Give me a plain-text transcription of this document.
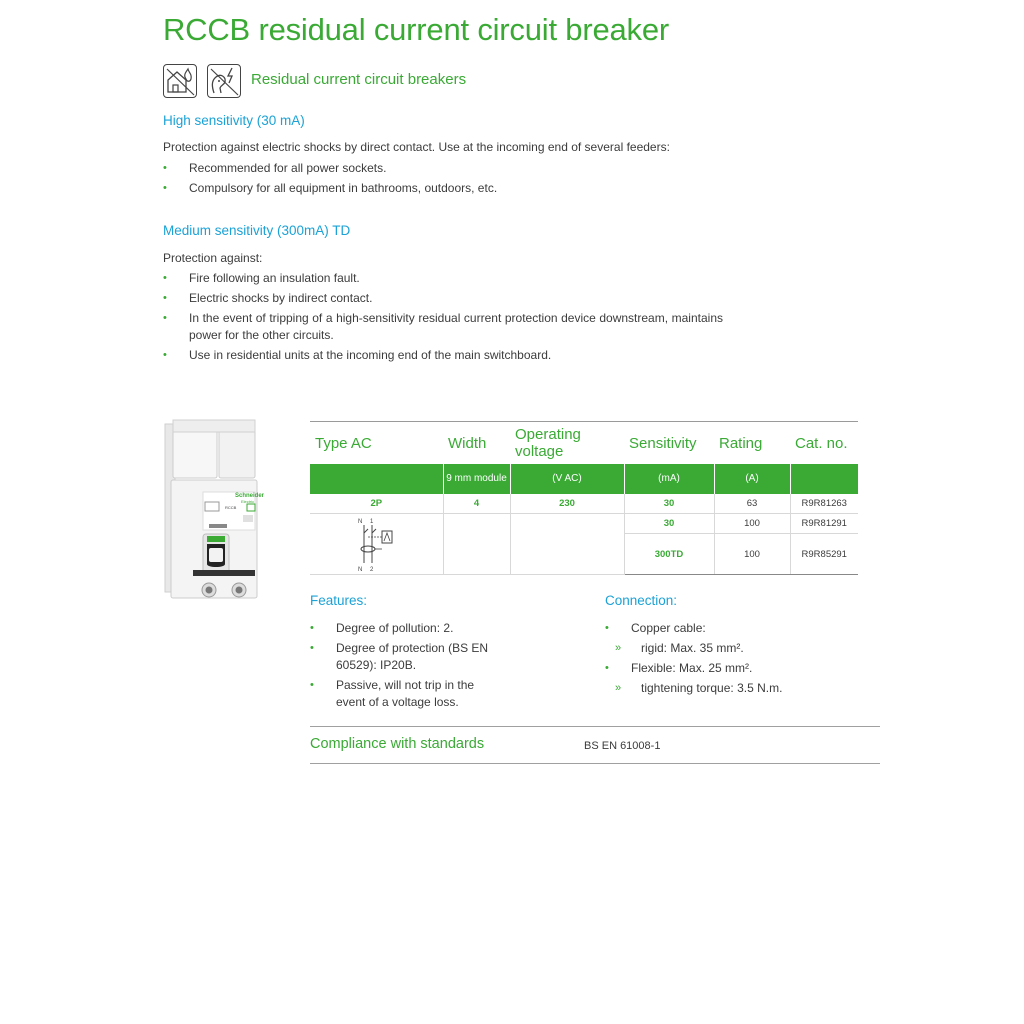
RCCB residual current circuit breaker
Residual current circuit breakers
High sensitivity (30 mA)
Protection against electric shocks by direct contact. Use at the incoming end of several feeders:
• Recommended for all power sockets.
• Compulsory for all equipment in bathrooms, outdoors, etc.
Medium sensitivity (300mA) TD
Protection against:
• Fire following an insulation fault.
• Electric shocks by indirect contact.
• In the event of tripping of a high-sensitivity residual current protection device downstream, maintains power for the other circuits.
• Use in residential units at the incoming end of the main switchboard.
Schneider
Electric
RCCB
Type AC	Width	Operating voltage	Sensitivity	Rating	Cat. no.
	9 mm module	(V AC)	(mA)	(A)	
2P	4	230	30	63	R9R81263

N 1
N 2			30	100	R9R81291
			300TD	100	R9R85291
Features:
• Degree of pollution: 2.
• Degree of protection (BS EN 60529): IP20B.
• Passive, will not trip in the event of a voltage loss.
Connection:
• Copper cable:
» rigid: Max. 35 mm².
• Flexible: Max. 25 mm².
» tightening torque: 3.5 N.m.
Compliance with standards	BS EN 61008-1
